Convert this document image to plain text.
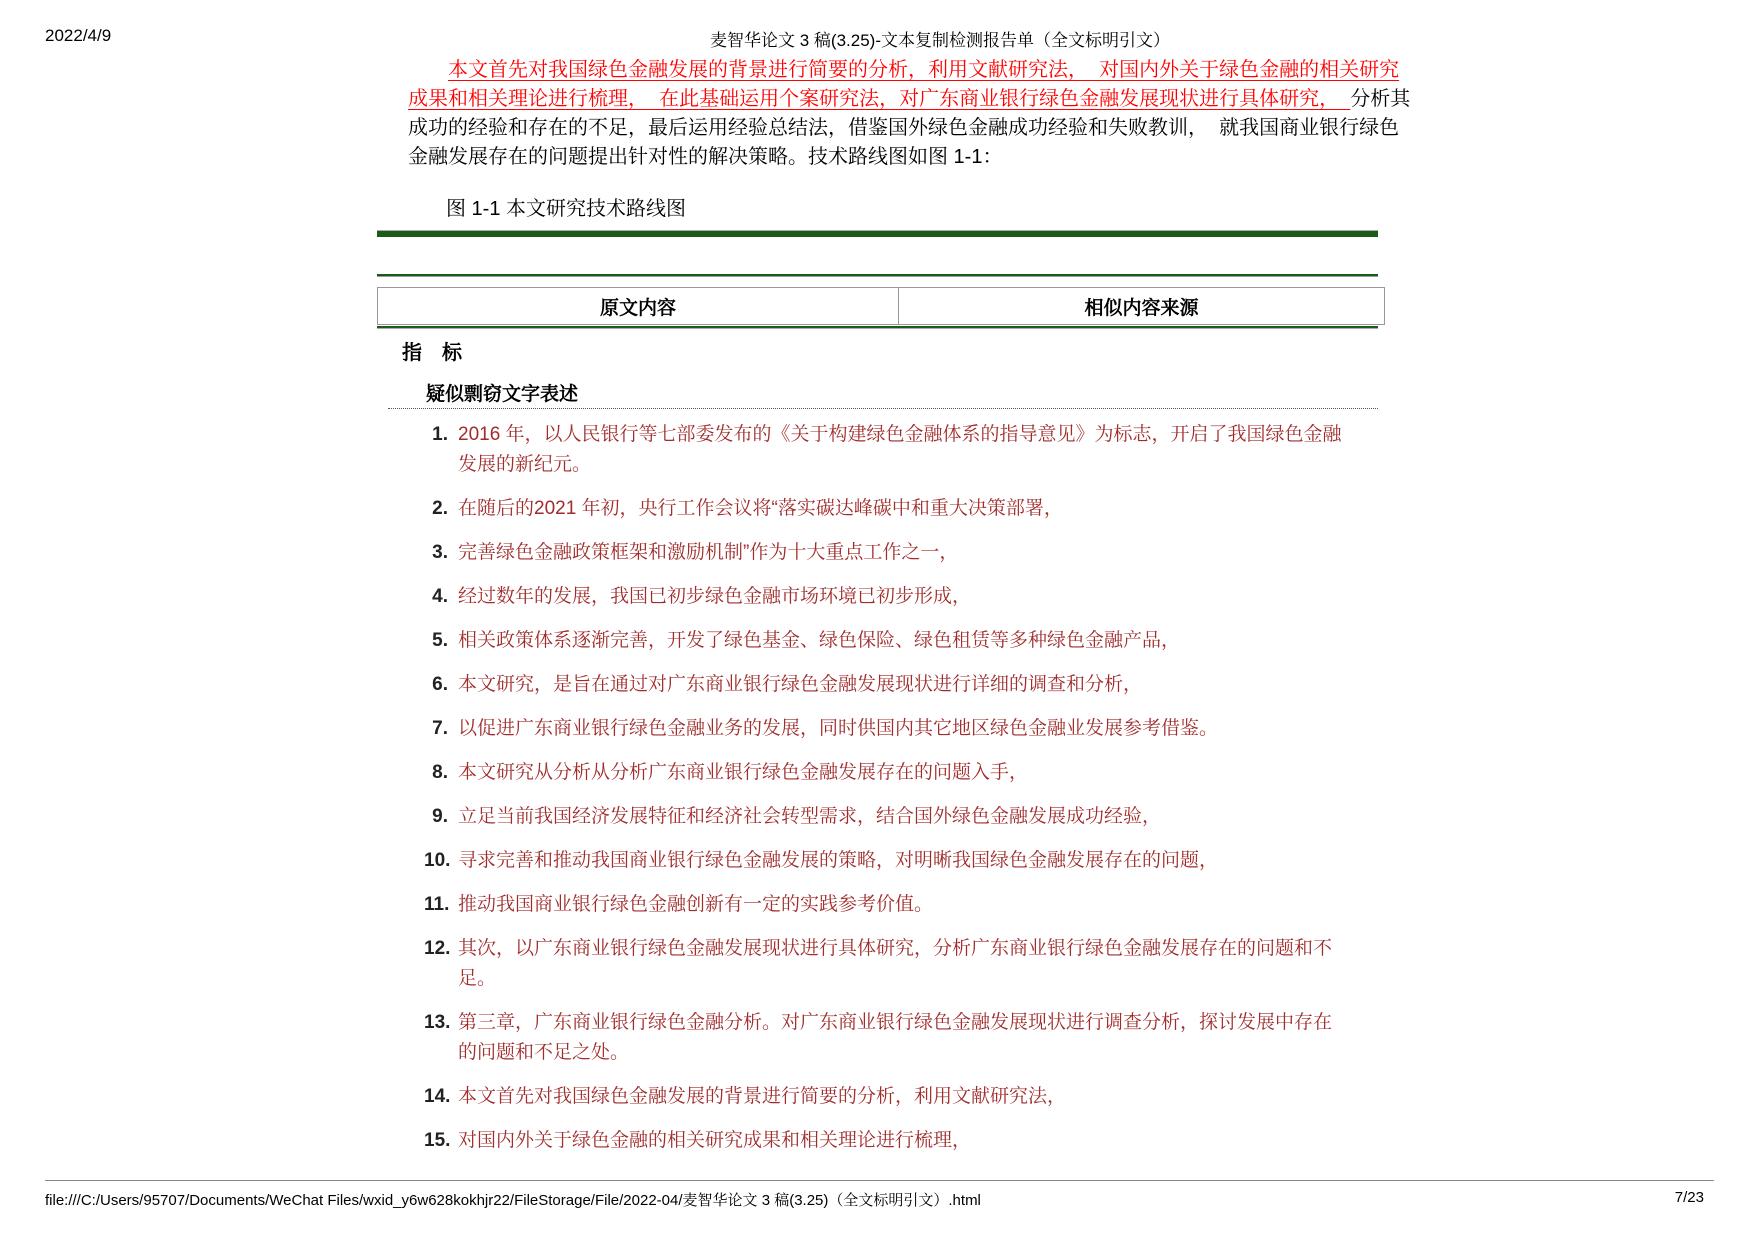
2022/4/9	麦智华论文 3 稿(3.25)-文本复制检测报告单（全文标明引文）
本文首先对我国绿色金融发展的背景进行简要的分析，利用文献研究法，  对国内外关于绿色金融的相关研究
成果和相关理论进行梳理，  在此基础运用个案研究法，对广东商业银行绿色金融发展现状进行具体研究，  分析其
成功的经验和存在的不足，最后运用经验总结法，借鉴国外绿色金融成功经验和失败教训，  就我国商业银行绿色
金融发展存在的问题提出针对性的解决策略。技术路线图如图 1-1：
图 1-1 本文研究技术路线图
原文内容	相似内容来源
指　标
疑似剽窃文字表述
2016 年，以人民银行等七部委发布的《关于构建绿色金融体系的指导意见》为标志，开启了我国绿色金融发展的新纪元。
在随后的2021 年初，央行工作会议将“落实碳达峰碳中和重大决策部署，
完善绿色金融政策框架和激励机制”作为十大重点工作之一，
经过数年的发展，我国已初步绿色金融市场环境已初步形成，
相关政策体系逐渐完善，开发了绿色基金、绿色保险、绿色租赁等多种绿色金融产品，
本文研究，是旨在通过对广东商业银行绿色金融发展现状进行详细的调查和分析，
以促进广东商业银行绿色金融业务的发展，同时供国内其它地区绿色金融业发展参考借鉴。
本文研究从分析从分析广东商业银行绿色金融发展存在的问题入手，
立足当前我国经济发展特征和经济社会转型需求，结合国外绿色金融发展成功经验，
寻求完善和推动我国商业银行绿色金融发展的策略，对明晰我国绿色金融发展存在的问题，
推动我国商业银行绿色金融创新有一定的实践参考价值。
其次，以广东商业银行绿色金融发展现状进行具体研究，分析广东商业银行绿色金融发展存在的问题和不足。
第三章，广东商业银行绿色金融分析。对广东商业银行绿色金融发展现状进行调查分析，探讨发展中存在的问题和不足之处。
本文首先对我国绿色金融发展的背景进行简要的分析，利用文献研究法，
对国内外关于绿色金融的相关研究成果和相关理论进行梳理，
file:///C:/Users/95707/Documents/WeChat Files/wxid_y6w628kokhjr22/FileStorage/File/2022-04/麦智华论文 3 稿(3.25)（全文标明引文）.html	7/23
